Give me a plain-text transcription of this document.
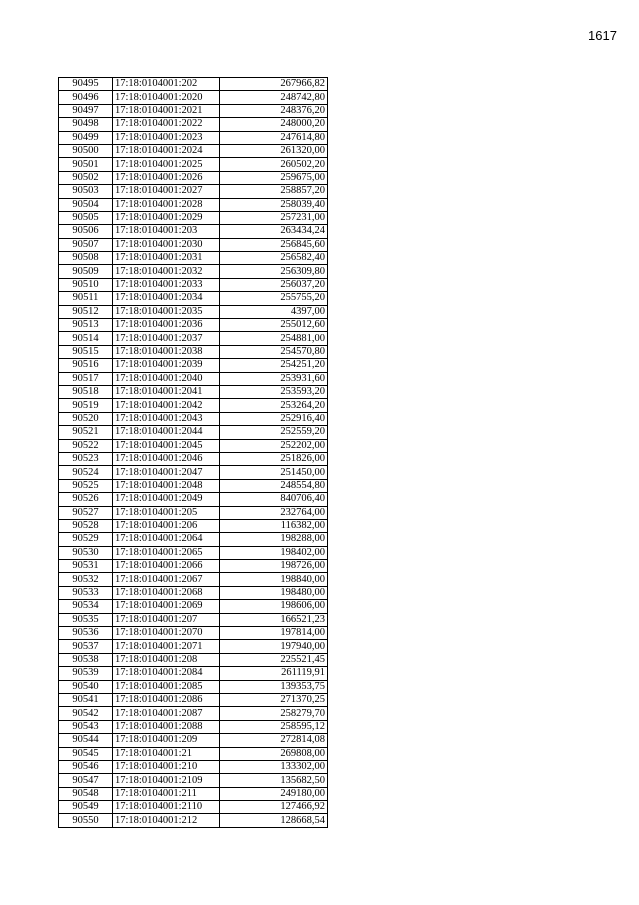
1617
90495	17:18:0104001:202	267966,82
90496	17:18:0104001:2020	248742,80
90497	17:18:0104001:2021	248376,20
90498	17:18:0104001:2022	248000,20
90499	17:18:0104001:2023	247614,80
90500	17:18:0104001:2024	261320,00
90501	17:18:0104001:2025	260502,20
90502	17:18:0104001:2026	259675,00
90503	17:18:0104001:2027	258857,20
90504	17:18:0104001:2028	258039,40
90505	17:18:0104001:2029	257231,00
90506	17:18:0104001:203	263434,24
90507	17:18:0104001:2030	256845,60
90508	17:18:0104001:2031	256582,40
90509	17:18:0104001:2032	256309,80
90510	17:18:0104001:2033	256037,20
90511	17:18:0104001:2034	255755,20
90512	17:18:0104001:2035	4397,00
90513	17:18:0104001:2036	255012,60
90514	17:18:0104001:2037	254881,00
90515	17:18:0104001:2038	254570,80
90516	17:18:0104001:2039	254251,20
90517	17:18:0104001:2040	253931,60
90518	17:18:0104001:2041	253593,20
90519	17:18:0104001:2042	253264,20
90520	17:18:0104001:2043	252916,40
90521	17:18:0104001:2044	252559,20
90522	17:18:0104001:2045	252202,00
90523	17:18:0104001:2046	251826,00
90524	17:18:0104001:2047	251450,00
90525	17:18:0104001:2048	248554,80
90526	17:18:0104001:2049	840706,40
90527	17:18:0104001:205	232764,00
90528	17:18:0104001:206	116382,00
90529	17:18:0104001:2064	198288,00
90530	17:18:0104001:2065	198402,00
90531	17:18:0104001:2066	198726,00
90532	17:18:0104001:2067	198840,00
90533	17:18:0104001:2068	198480,00
90534	17:18:0104001:2069	198606,00
90535	17:18:0104001:207	166521,23
90536	17:18:0104001:2070	197814,00
90537	17:18:0104001:2071	197940,00
90538	17:18:0104001:208	225521,45
90539	17:18:0104001:2084	261119,91
90540	17:18:0104001:2085	139353,75
90541	17:18:0104001:2086	271370,25
90542	17:18:0104001:2087	258279,70
90543	17:18:0104001:2088	258595,12
90544	17:18:0104001:209	272814,08
90545	17:18:0104001:21	269808,00
90546	17:18:0104001:210	133302,00
90547	17:18:0104001:2109	135682,50
90548	17:18:0104001:211	249180,00
90549	17:18:0104001:2110	127466,92
90550	17:18:0104001:212	128668,54
